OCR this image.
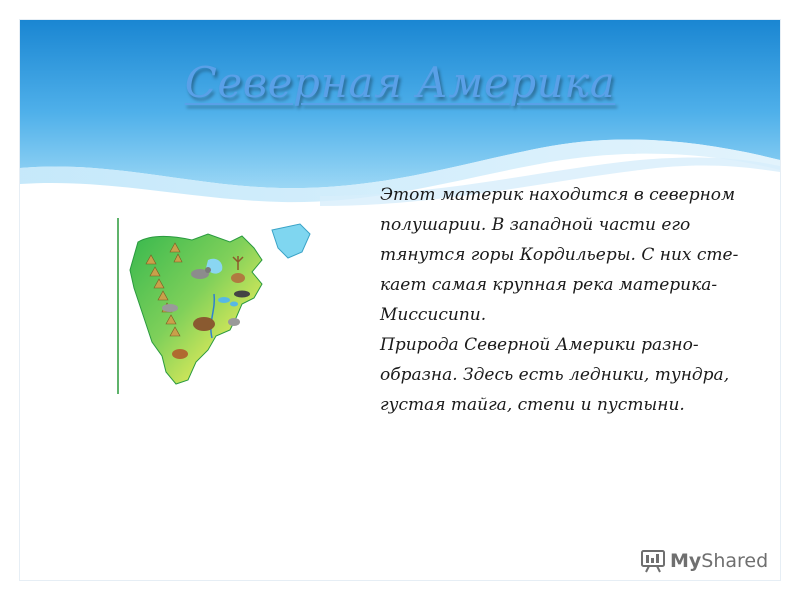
Северная Америка

Этот материк находится в северном

полушарии. В западной части его

тянутся горы Кордильеры. С них сте-

кает самая крупная река материка-

Миссисипи.

Природа Северной Америки разно-

образна. Здесь есть ледники, тундра,

густая тайга, степи и пустыни.

MyShared
